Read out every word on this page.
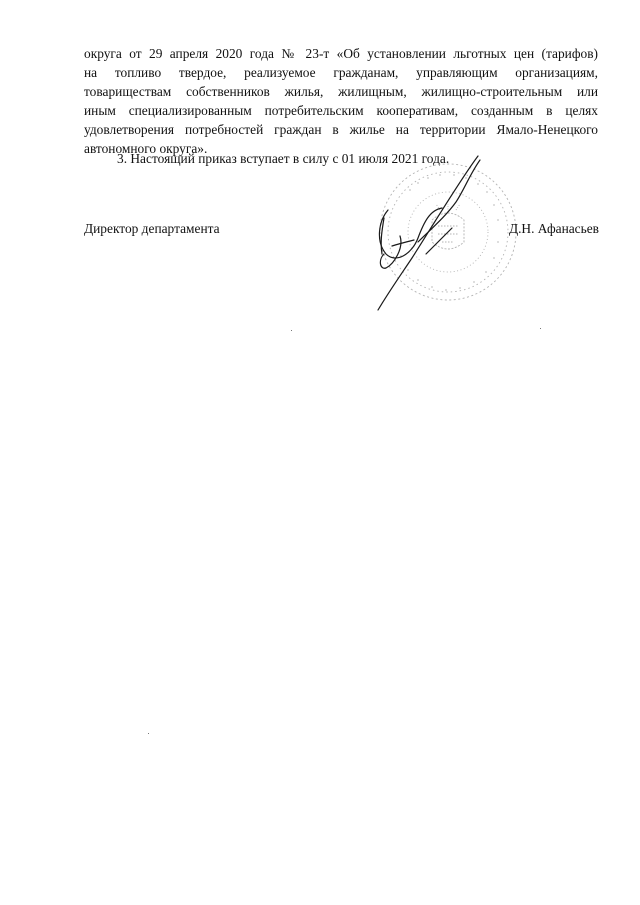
округа от 29 апреля 2020 года № 23-т «Об установлении льготных цен (тарифов)
на топливо твердое, реализуемое гражданам, управляющим организациям,
товариществам собственников жилья, жилищным, жилищно-строительным или
иным специализированным потребительским кооперативам, созданным в целях
удовлетворения потребностей граждан в жилье на территории Ямало-Ненецкого
автономного округа».
3. Настоящий приказ вступает в силу с 01 июля 2021 года.
Директор департамента	Д.Н. Афанасьев
